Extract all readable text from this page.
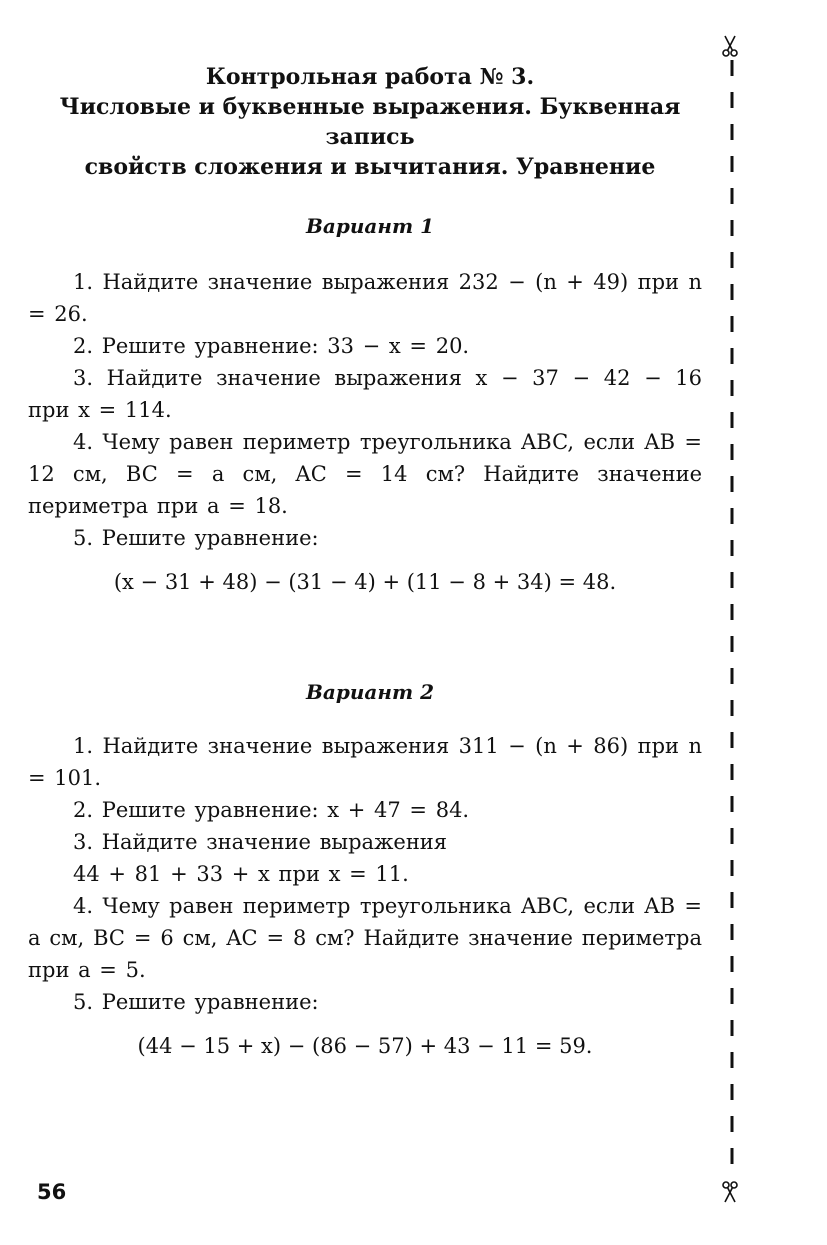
Контрольная работа № 3.
Числовые и буквенные выражения. Буквенная запись
свойств сложения и вычитания. Уравнение
Вариант 1

1. Найдите значение выражения 232 − (n + 49) при n = 26.

2. Решите уравнение: 33 − x = 20.

3. Найдите значение выражения x − 37 − 42 − 16 при x = 114.

4. Чему равен периметр треугольника ABC, если AB = 12 см, BC = a см, AC = 14 см? Найдите значение периметра при a = 18.

5. Решите уравнение:

(x − 31 + 48) − (31 − 4) + (11 − 8 + 34) = 48.

Вариант 2

1. Найдите значение выражения 311 − (n + 86) при n = 101.

2. Решите уравнение: x + 47 = 84.

3. Найдите значение выражения

44 + 81 + 33 + x при x = 11.

4. Чему равен периметр треугольника ABC, если AB = a см, BC = 6 см, AC = 8 см? Найдите значение периметра при a = 5.

5. Решите уравнение:

(44 − 15 + x) − (86 − 57) + 43 − 11 = 59.

56
